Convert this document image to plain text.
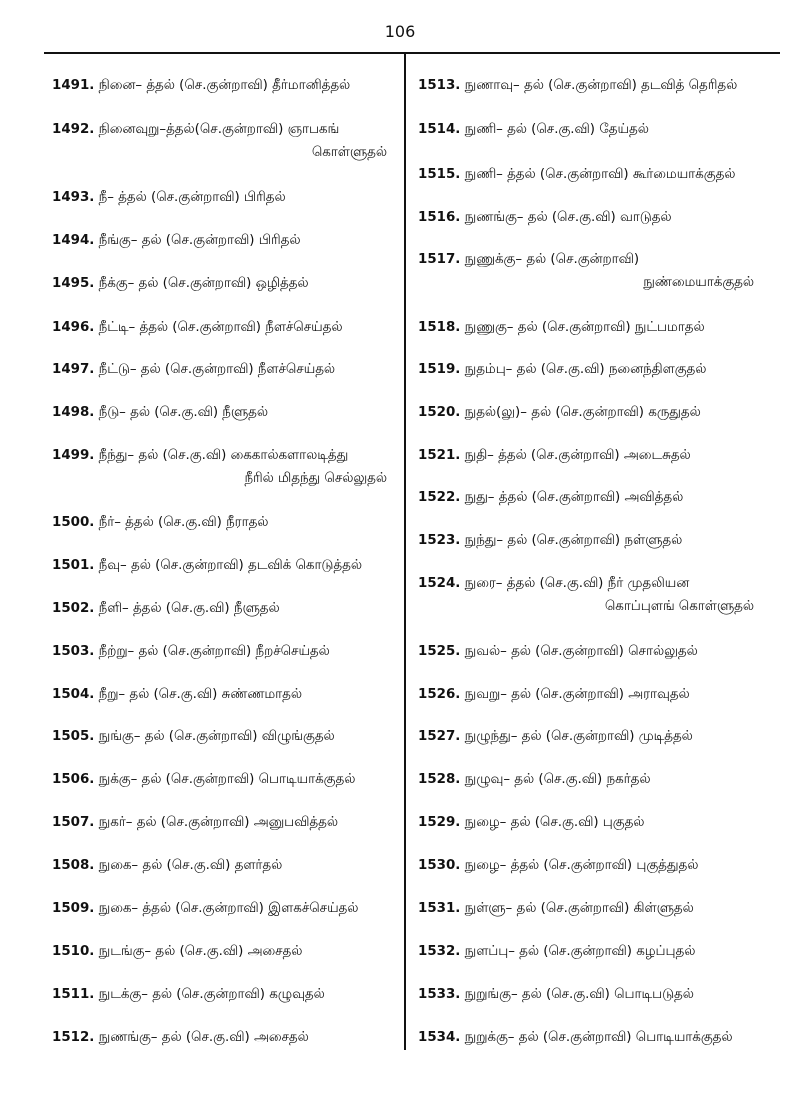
106
1491. நினை– த்தல் (செ.குன்றாவி) தீர்மானித்தல்
1492. நினைவுறு–த்தல்(செ.குன்றாவி) ஞாபகங்
கொள்ளுதல்
1493. நீ– த்தல் (செ.குன்றாவி) பிரிதல்
1494. நீங்கு– தல் (செ.குன்றாவி) பிரிதல்
1495. நீக்கு– தல் (செ.குன்றாவி) ஒழித்தல்
1496. நீட்டி– த்தல் (செ.குன்றாவி) நீளச்செய்தல்
1497. நீட்டு– தல் (செ.குன்றாவி) நீளச்செய்தல்
1498. நீடு– தல் (செ.கு.வி) நீளுதல்
1499. நீந்து– தல் (செ.கு.வி) கைகால்களாலடித்து
நீரில் மிதந்து செல்லுதல்
1500. நீர்– த்தல் (செ.கு.வி) நீராதல்
1501. நீவு– தல் (செ.குன்றாவி) தடவிக் கொடுத்தல்
1502. நீளி– த்தல் (செ.கு.வி) நீளுதல்
1503. நீற்று– தல் (செ.குன்றாவி) நீறச்செய்தல்
1504. நீறு– தல் (செ.கு.வி) சுண்ணமாதல்
1505. நுங்கு– தல் (செ.குன்றாவி) விழுங்குதல்
1506. நுக்கு– தல் (செ.குன்றாவி) பொடியாக்குதல்
1507. நுகர்– தல் (செ.குன்றாவி) அனுபவித்தல்
1508. நுகை– தல் (செ.கு.வி) தளர்தல்
1509. நுகை– த்தல் (செ.குன்றாவி) இளகச்செய்தல்
1510. நுடங்கு– தல் (செ.கு.வி) அசைதல்
1511. நுடக்கு– தல் (செ.குன்றாவி) கழுவுதல்
1512. நுணங்கு– தல் (செ.கு.வி) அசைதல்
1513. நுணாவு– தல் (செ.குன்றாவி) தடவித் தெரிதல்
1514. நுணி– தல் (செ.கு.வி) தேய்தல்
1515. நுணி– த்தல் (செ.குன்றாவி) கூர்மையாக்குதல்
1516. நுணங்கு– தல் (செ.கு.வி) வாடுதல்
1517. நுணுக்கு– தல் (செ.குன்றாவி)
நுண்மையாக்குதல்
1518. நுணுகு– தல் (செ.குன்றாவி) நுட்பமாதல்
1519. நுதம்பு– தல் (செ.கு.வி) நனைந்திளகுதல்
1520. நுதல்(லு)– தல் (செ.குன்றாவி) கருதுதல்
1521. நுதி– த்தல் (செ.குன்றாவி) அடைசுதல்
1522. நுது– த்தல் (செ.குன்றாவி) அவித்தல்
1523. நுந்து– தல் (செ.குன்றாவி) நள்ளுதல்
1524. நுரை– த்தல் (செ.கு.வி) நீர் முதலியன
கொப்புளங் கொள்ளுதல்
1525. நுவல்– தல் (செ.குன்றாவி) சொல்லுதல்
1526. நுவறு– தல் (செ.குன்றாவி) அராவுதல்
1527. நுழுந்து– தல் (செ.குன்றாவி) முடித்தல்
1528. நுழுவு– தல் (செ.கு.வி) நகர்தல்
1529. நுழை– தல் (செ.கு.வி) புகுதல்
1530. நுழை– த்தல் (செ.குன்றாவி) புகுத்துதல்
1531. நுள்ளு– தல் (செ.குன்றாவி) கிள்ளுதல்
1532. நுளப்பு– தல் (செ.குன்றாவி) கழப்புதல்
1533. நுறுங்கு– தல் (செ.கு.வி) பொடிபடுதல்
1534. நுறுக்கு– தல் (செ.குன்றாவி) பொடியாக்குதல்
